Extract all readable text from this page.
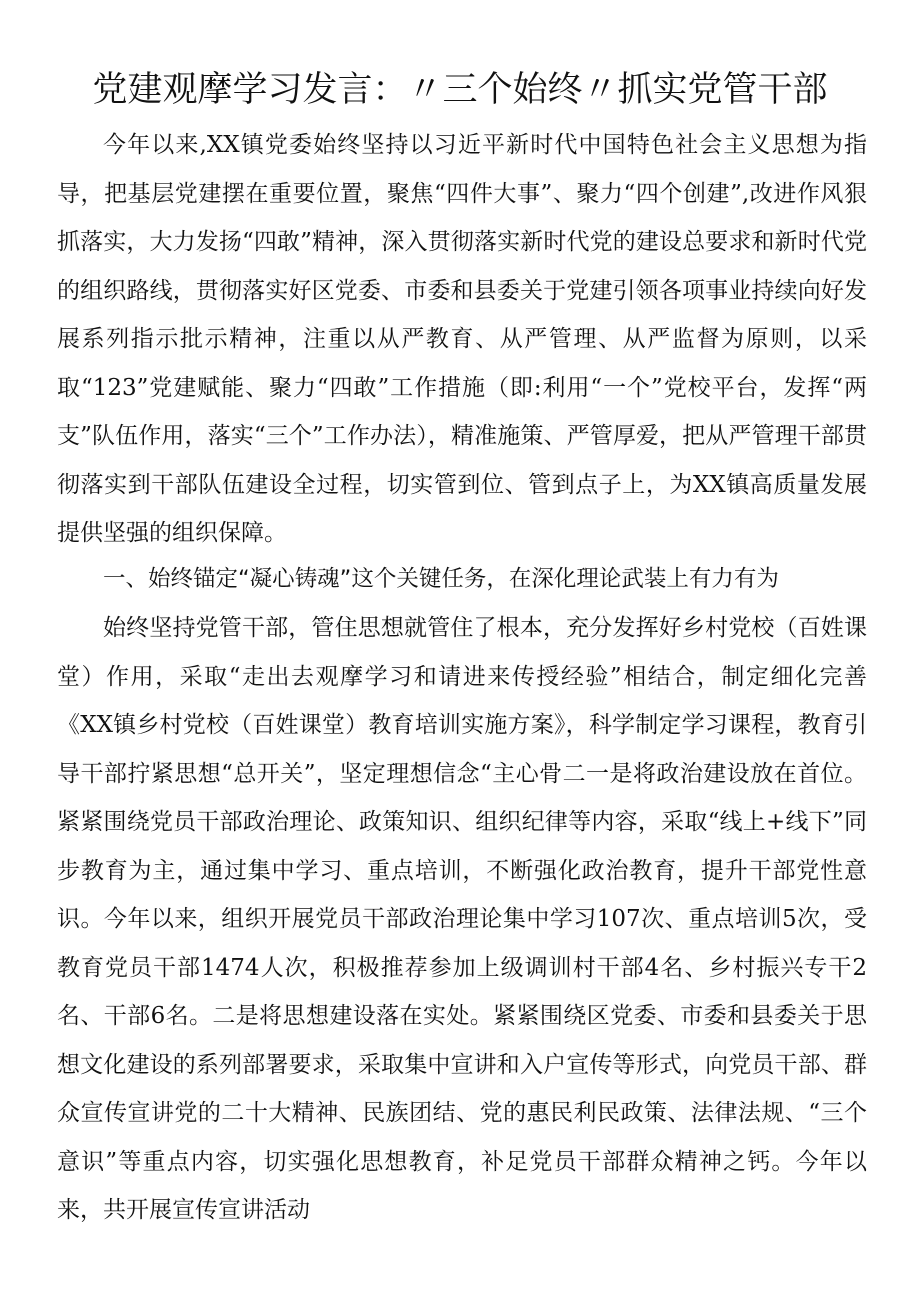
党建观摩学习发言：〃三个始终〃抓实党管干部

今年以来,XX镇党委始终坚持以习近平新时代中国特色社会主义思想为指导，把基层党建摆在重要位置，聚焦“四件大事”、聚力“四个创建”,改进作风狠抓落实，大力发扬“四敢”精神，深入贯彻落实新时代党的建设总要求和新时代党的组织路线，贯彻落实好区党委、市委和县委关于党建引领各项事业持续向好发展系列指示批示精神，注重以从严教育、从严管理、从严监督为原则，以采取“123”党建赋能、聚力“四敢”工作措施（即:利用“一个”党校平台，发挥“两支”队伍作用，落实“三个”工作办法），精准施策、严管厚爱，把从严管理干部贯彻落实到干部队伍建设全过程，切实管到位、管到点子上，为XX镇高质量发展提供坚强的组织保障。

一、始终锚定“凝心铸魂”这个关键任务，在深化理论武装上有力有为

始终坚持党管干部，管住思想就管住了根本，充分发挥好乡村党校（百姓课堂）作用，采取“走出去观摩学习和请进来传授经验”相结合，制定细化完善《XX镇乡村党校（百姓课堂）教育培训实施方案》，科学制定学习课程，教育引导干部拧紧思想“总开关”，坚定理想信念“主心骨二一是将政治建设放在首位。紧紧围绕党员干部政治理论、政策知识、组织纪律等内容，采取“线上+线下”同步教育为主，通过集中学习、重点培训，不断强化政治教育，提升干部党性意识。今年以来，组织开展党员干部政治理论集中学习107次、重点培训5次，受教育党员干部1474人次，积极推荐参加上级调训村干部4名、乡村振兴专干2名、干部6名。二是将思想建设落在实处。紧紧围绕区党委、市委和县委关于思想文化建设的系列部署要求，采取集中宣讲和入户宣传等形式，向党员干部、群众宣传宣讲党的二十大精神、民族团结、党的惠民利民政策、法律法规、“三个意识”等重点内容，切实强化思想教育，补足党员干部群众精神之钙。今年以来，共开展宣传宣讲活动
